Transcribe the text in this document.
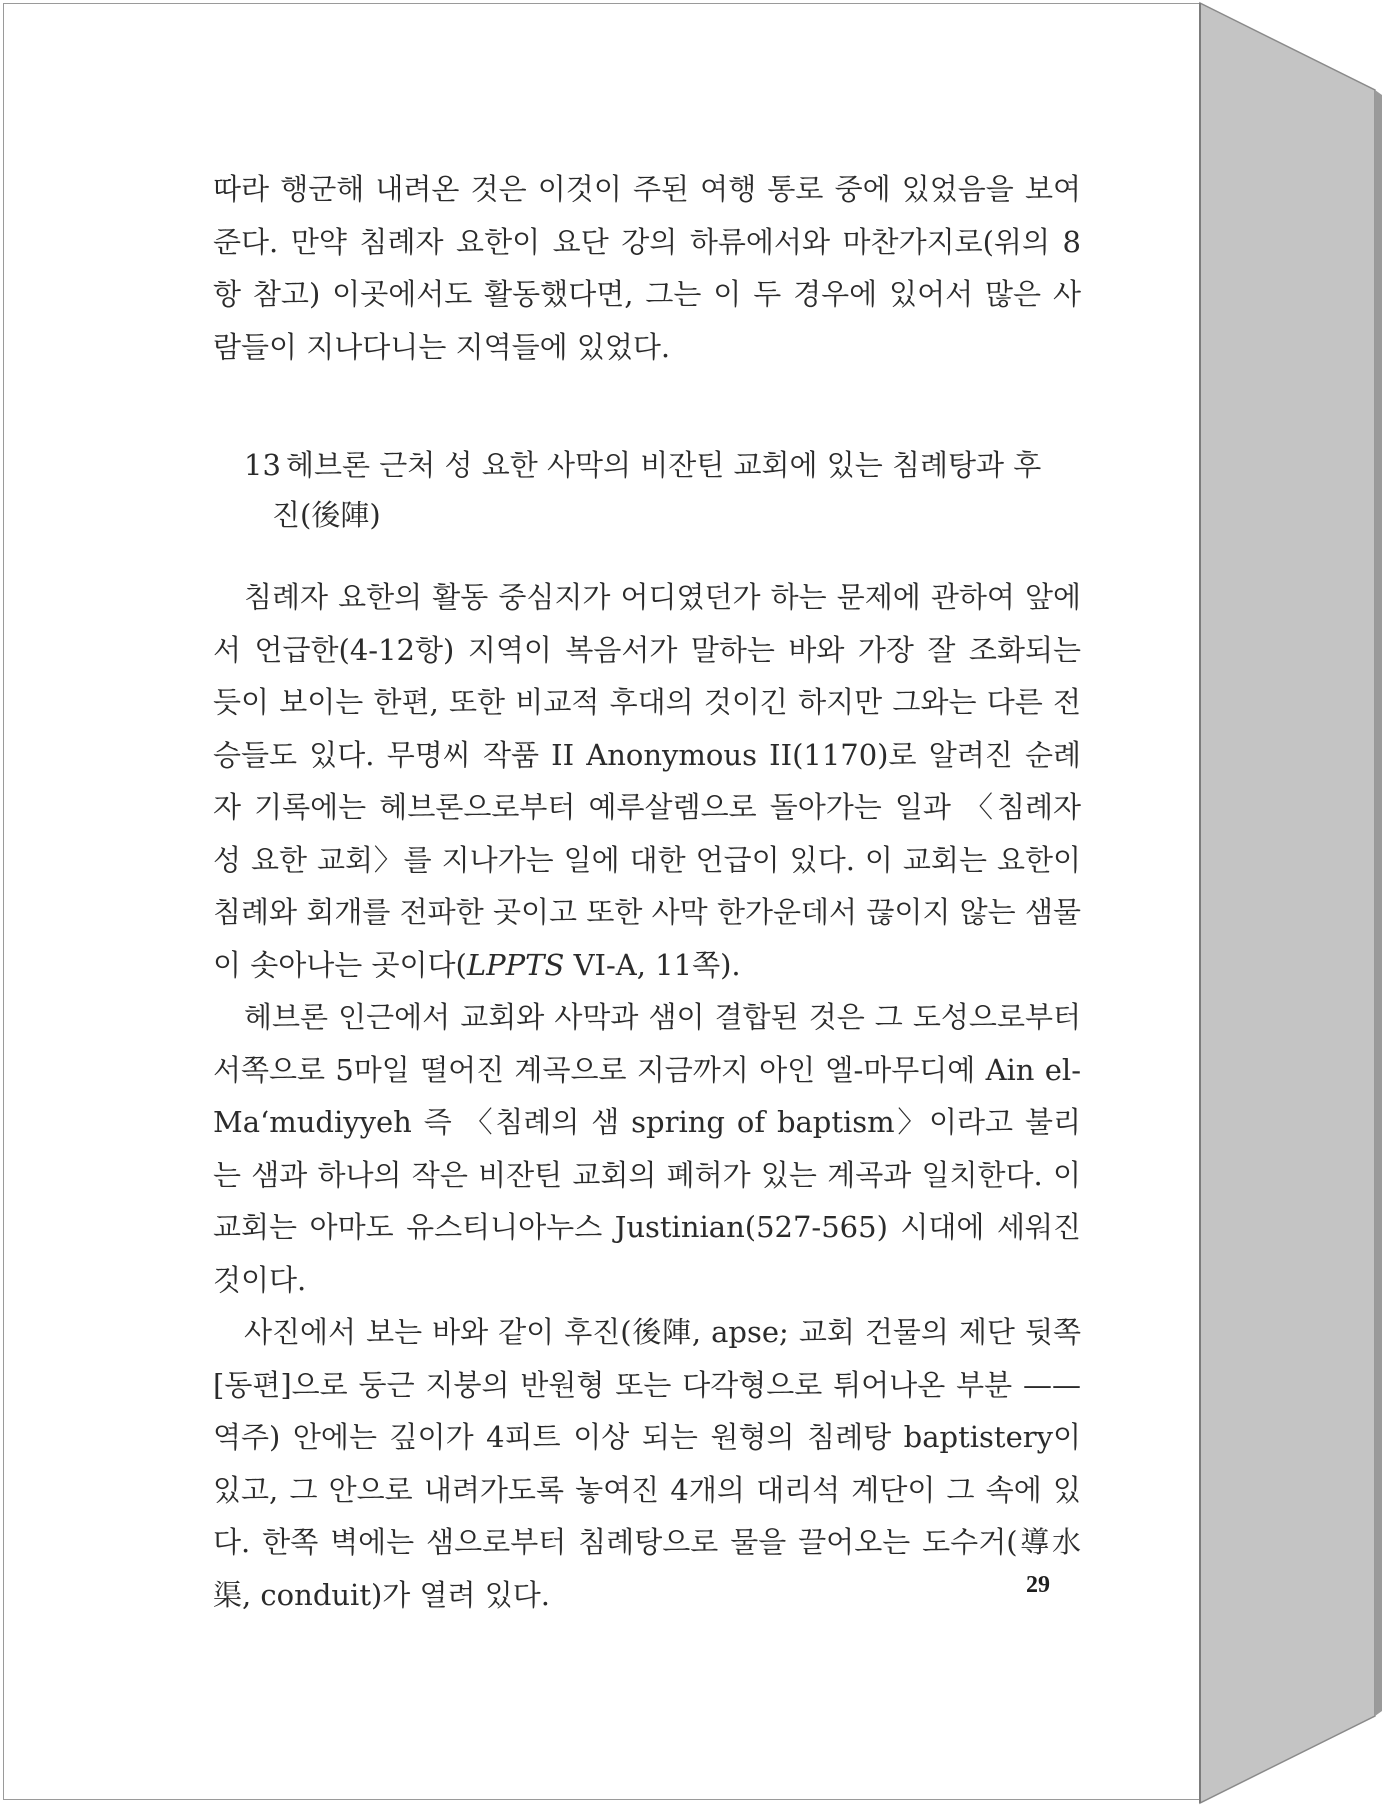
따라 행군해 내려온 것은 이것이 주된 여행 통로 중에 있었음을 보여 준다. 만약 침례자 요한이 요단 강의 하류에서와 마찬가지로(위의 8항 참고) 이곳에서도 활동했다면, 그는 이 두 경우에 있어서 많은 사람들이 지나다니는 지역들에 있었다.

13 헤브론 근처 성 요한 사막의 비잔틴 교회에 있는 침례탕과 후
진(後陣)

침례자 요한의 활동 중심지가 어디였던가 하는 문제에 관하여 앞에서 언급한(4-12항) 지역이 복음서가 말하는 바와 가장 잘 조화되는 듯이 보이는 한편, 또한 비교적 후대의 것이긴 하지만 그와는 다른 전승들도 있다. 무명씨 작품 II Anonymous II(1170)로 알려진 순례자 기록에는 헤브론으로부터 예루살렘으로 돌아가는 일과 〈침례자 성 요한 교회〉를 지나가는 일에 대한 언급이 있다. 이 교회는 요한이 침례와 회개를 전파한 곳이고 또한 사막 한가운데서 끊이지 않는 샘물이 솟아나는 곳이다(LPPTS VI-A, 11쪽).

헤브론 인근에서 교회와 사막과 샘이 결합된 것은 그 도성으로부터 서쪽으로 5마일 떨어진 계곡으로 지금까지 아인 엘-마무디예 Ain el-Ma‘mudiyyeh 즉 〈침례의 샘 spring of baptism〉이라고 불리는 샘과 하나의 작은 비잔틴 교회의 폐허가 있는 계곡과 일치한다. 이 교회는 아마도 유스티니아누스 Justinian(527-565) 시대에 세워진 것이다.

사진에서 보는 바와 같이 후진(後陣, apse; 교회 건물의 제단 뒷쪽[동편]으로 둥근 지붕의 반원형 또는 다각형으로 튀어나온 부분 —— 역주) 안에는 깊이가 4피트 이상 되는 원형의 침례탕 baptistery이 있고, 그 안으로 내려가도록 놓여진 4개의 대리석 계단이 그 속에 있다. 한쪽 벽에는 샘으로부터 침례탕으로 물을 끌어오는 도수거(導水渠, conduit)가 열려 있다.	29
